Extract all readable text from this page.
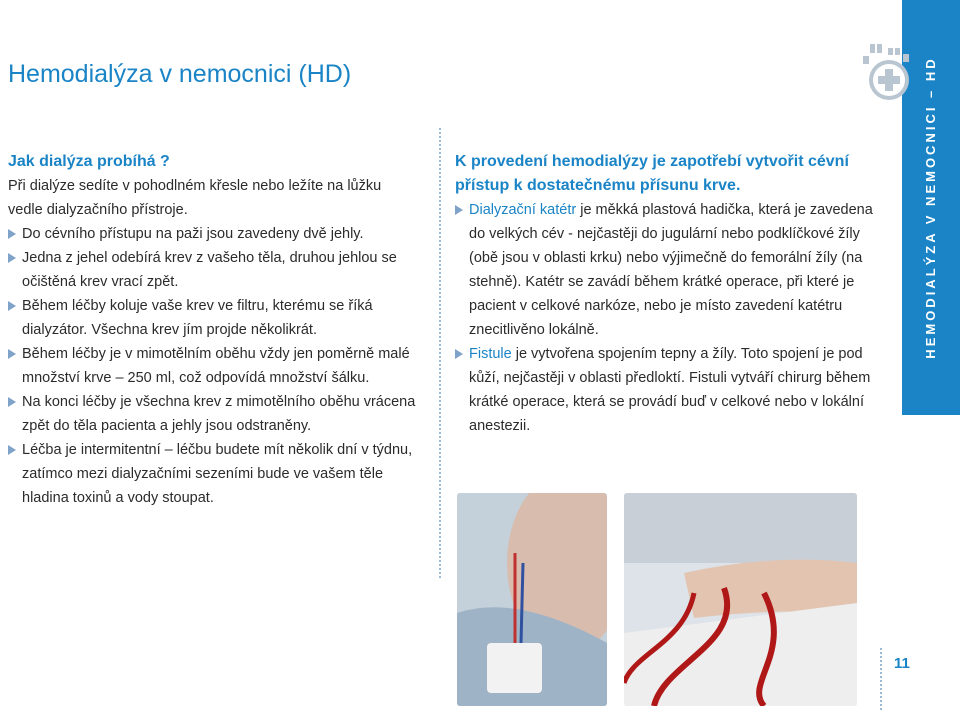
Hemodialýza v nemocnici (HD)	HEMODIALÝZA V NEMOCNICI – HD

Jak dialýza probíhá ?

Při dialýze sedíte v pohodlném křesle nebo ležíte na lůžku vedle dialyzačního přístroje.

Do cévního přístupu na paži jsou zavedeny dvě jehly.
Jedna z jehel odebírá krev z vašeho těla, druhou jehlou se očištěná krev vrací zpět.
Během léčby koluje vaše krev ve filtru, kterému se říká dialyzátor. Všechna krev jím projde několikrát.
Během léčby je v mimotělním oběhu vždy jen poměrně malé množství krve – 250 ml, což odpovídá množství šálku.
Na konci léčby je všechna krev z mimotělního oběhu vrácena zpět do těla pacienta a jehly jsou odstraněny.
Léčba je intermitentní – léčbu budete mít několik dní v týdnu, zatímco mezi dialyzačními sezeními bude ve vašem těle hladina toxinů a vody stoupat.

K provedení hemodialýzy je zapotřebí vytvořit cévní přístup k dostatečnému přísunu krve.

Dialyzační katétr je měkká plastová hadička, která je zavedena do velkých cév - nejčastěji do jugulární nebo podklíčkové žíly (obě jsou v oblasti krku) nebo výjimečně do femorální žíly (na stehně). Katétr se zavádí během krátké operace, při které je pacient v celkové narkóze, nebo je místo zavedení katétru znecitlivěno lokálně.
Fistule je vytvořena spojením tepny a žíly. Toto spojení je pod kůží, nejčastěji v oblasti předloktí. Fistuli vytváří chirurg během krátké operace, která se provádí buď v celkové nebo v lokální anestezii.
11
